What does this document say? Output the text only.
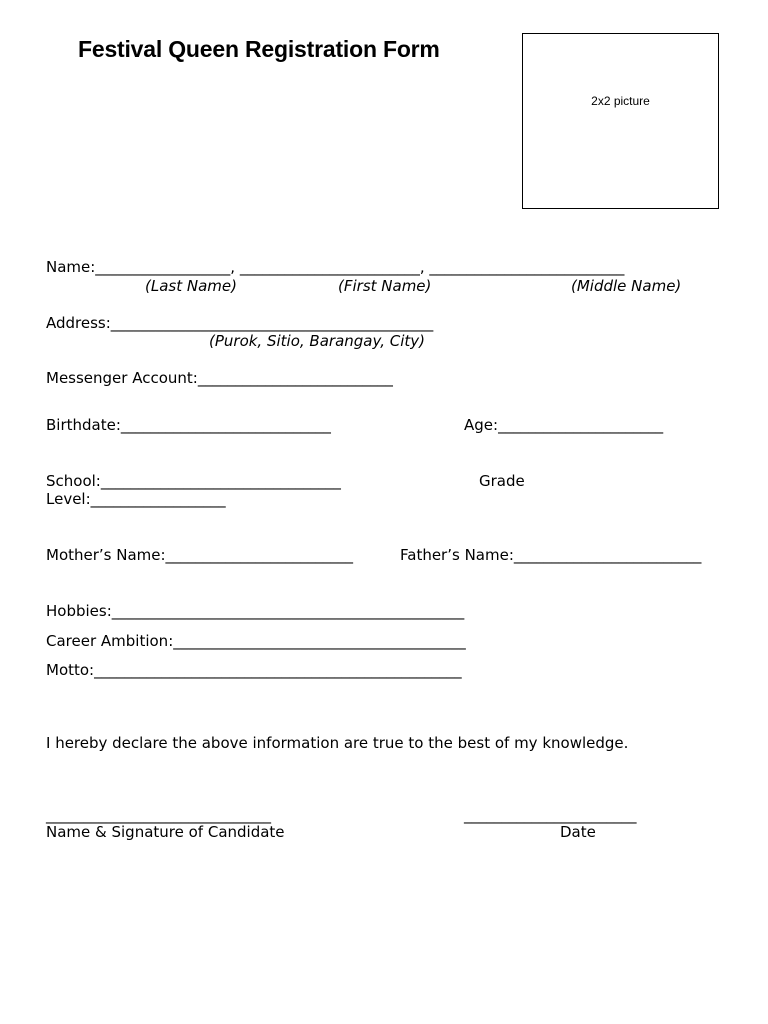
Festival Queen Registration Form
2x2 picture
Name:__________________, ________________________, __________________________
(Last Name)	(First Name)	(Middle Name)
Address:___________________________________________
(Purok, Sitio, Barangay, City)
Messenger Account:__________________________
Birthdate:____________________________	Age:______________________
School:________________________________	Grade
Level:__________________
Mother’s Name:_________________________	Father’s Name:_________________________
Hobbies:_______________________________________________
Career Ambition:_______________________________________
Motto:_________________________________________________
I hereby declare the above information are true to the best of my knowledge.
______________________________
Name & Signature of Candidate
_______________________
Date
